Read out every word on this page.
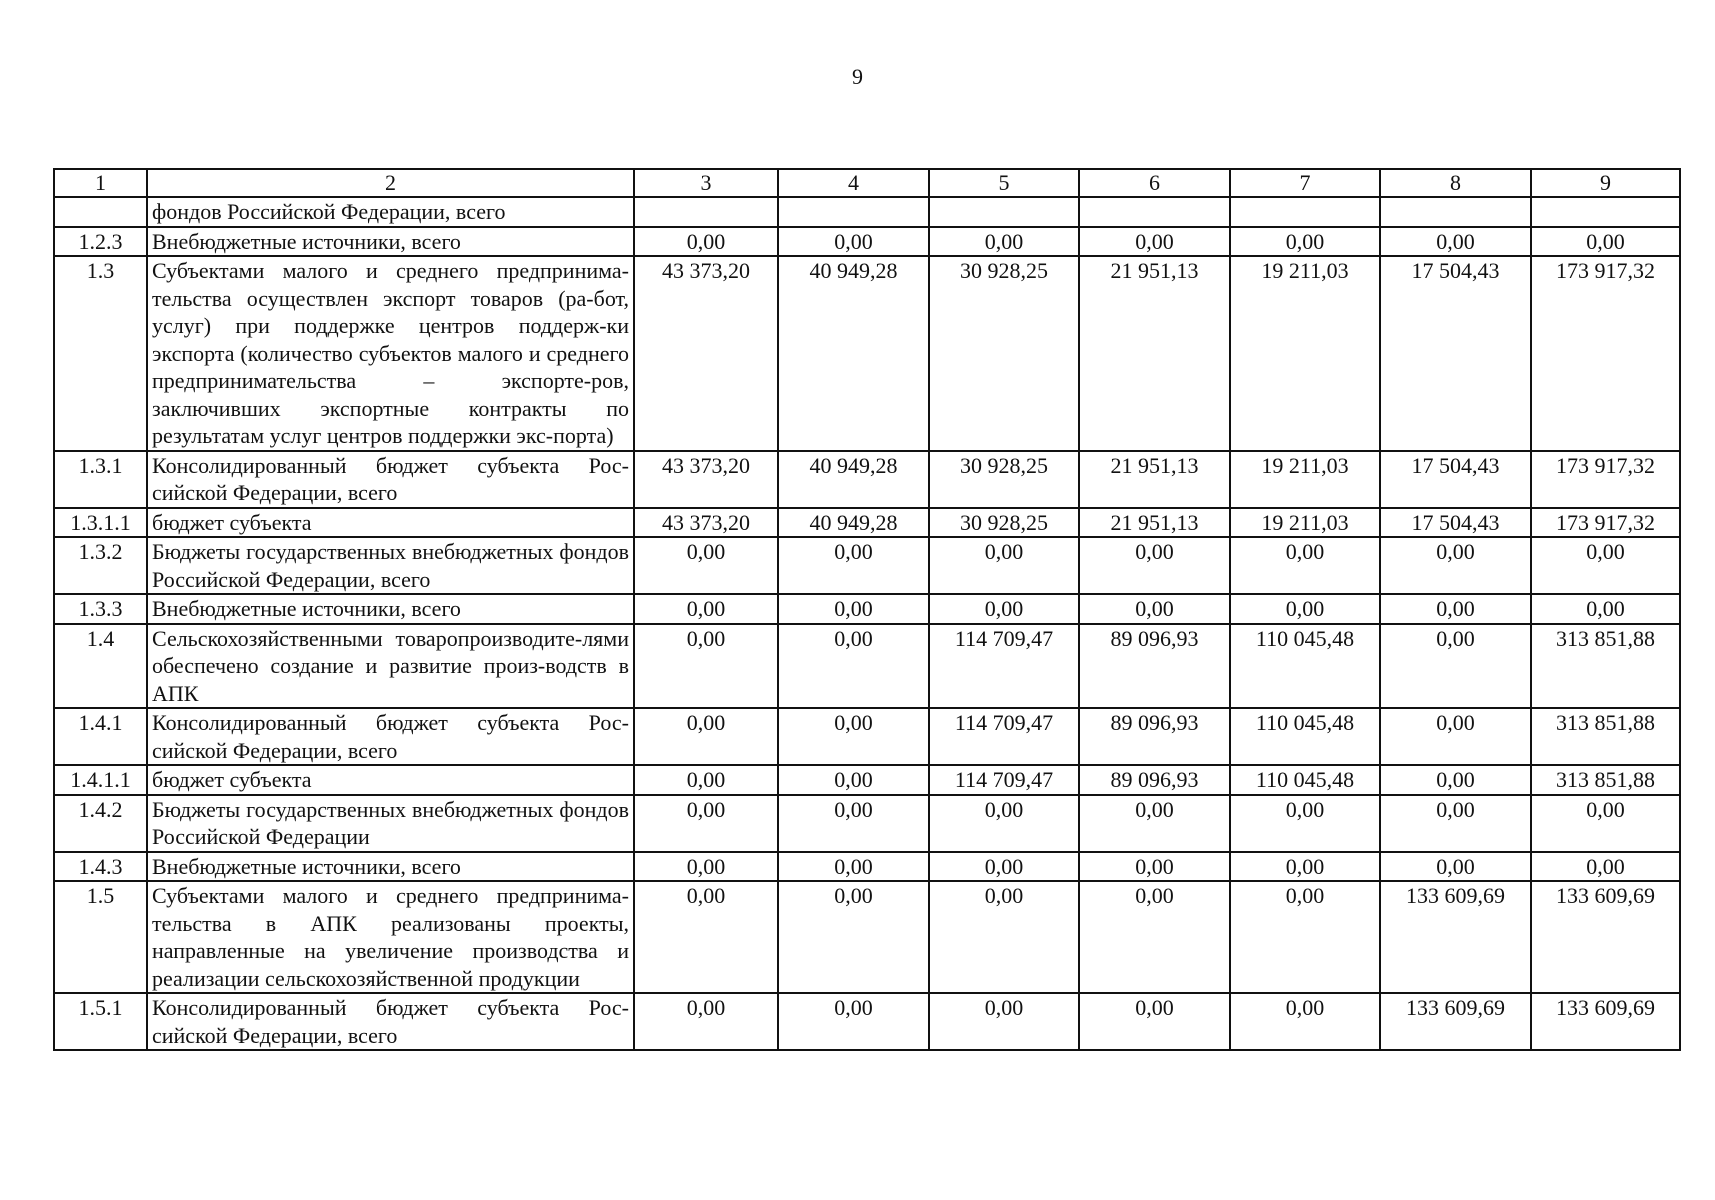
9
1	2	3	4	5	6	7	8	9
	фондов Российской Федерации, всего							
1.2.3	Внебюджетные источники, всего	0,00	0,00	0,00	0,00	0,00	0,00	0,00
1.3	Субъектами малого и среднего предпринима-тельства осуществлен экспорт товаров (ра-бот, услуг) при поддержке центров поддерж-ки экспорта (количество субъектов малого и среднего предпринимательства – экспорте-ров, заключивших экспортные контракты по результатам услуг центров поддержки экс-порта)	43 373,20	40 949,28	30 928,25	21 951,13	19 211,03	17 504,43	173 917,32
1.3.1	Консолидированный бюджет субъекта Рос-сийской Федерации, всего	43 373,20	40 949,28	30 928,25	21 951,13	19 211,03	17 504,43	173 917,32
1.3.1.1	бюджет субъекта	43 373,20	40 949,28	30 928,25	21 951,13	19 211,03	17 504,43	173 917,32
1.3.2	Бюджеты государственных внебюджетных фондов Российской Федерации, всего	0,00	0,00	0,00	0,00	0,00	0,00	0,00
1.3.3	Внебюджетные источники, всего	0,00	0,00	0,00	0,00	0,00	0,00	0,00
1.4	Сельскохозяйственными товаропроизводите-лями обеспечено создание и развитие произ-водств в АПК	0,00	0,00	114 709,47	89 096,93	110 045,48	0,00	313 851,88
1.4.1	Консолидированный бюджет субъекта Рос-сийской Федерации, всего	0,00	0,00	114 709,47	89 096,93	110 045,48	0,00	313 851,88
1.4.1.1	бюджет субъекта	0,00	0,00	114 709,47	89 096,93	110 045,48	0,00	313 851,88
1.4.2	Бюджеты государственных внебюджетных фондов Российской Федерации	0,00	0,00	0,00	0,00	0,00	0,00	0,00
1.4.3	Внебюджетные источники, всего	0,00	0,00	0,00	0,00	0,00	0,00	0,00
1.5	Субъектами малого и среднего предпринима-тельства в АПК реализованы проекты, направленные на увеличение производства и реализации сельскохозяйственной продукции	0,00	0,00	0,00	0,00	0,00	133 609,69	133 609,69
1.5.1	Консолидированный бюджет субъекта Рос-сийской Федерации, всего	0,00	0,00	0,00	0,00	0,00	133 609,69	133 609,69
